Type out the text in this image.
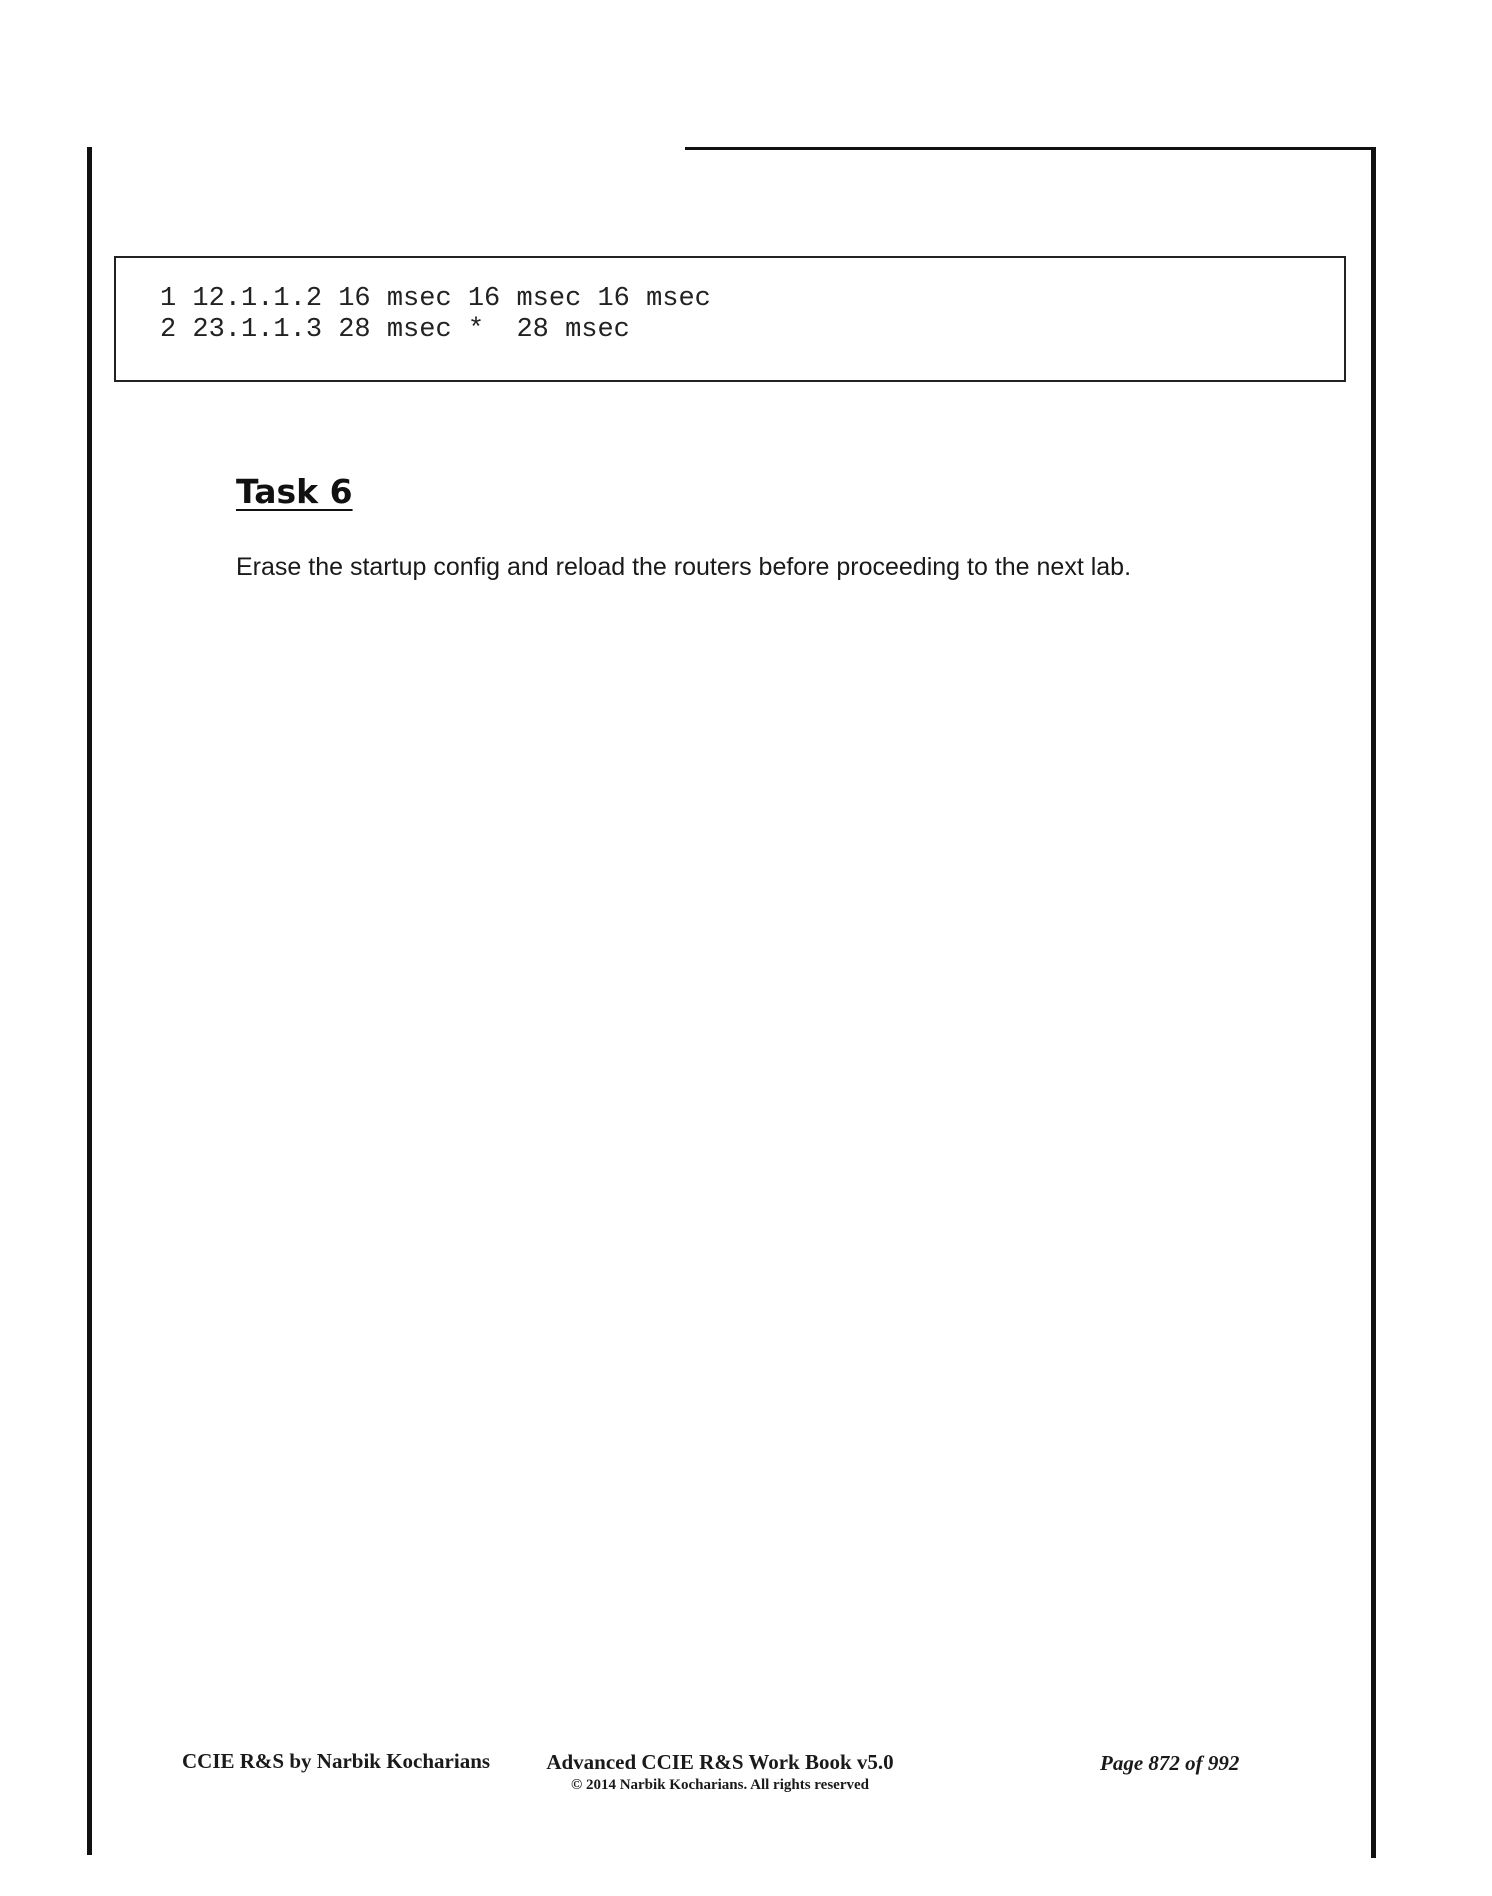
1 12.1.1.2 16 msec 16 msec 16 msec
2 23.1.1.3 28 msec *  28 msec
Task 6

Erase the startup config and reload the routers before proceeding to the next lab.

CCIE R&S by Narbik Kocharians	Advanced CCIE R&S Work Book v5.0
© 2014 Narbik Kocharians. All rights reserved
Page 872 of 992
